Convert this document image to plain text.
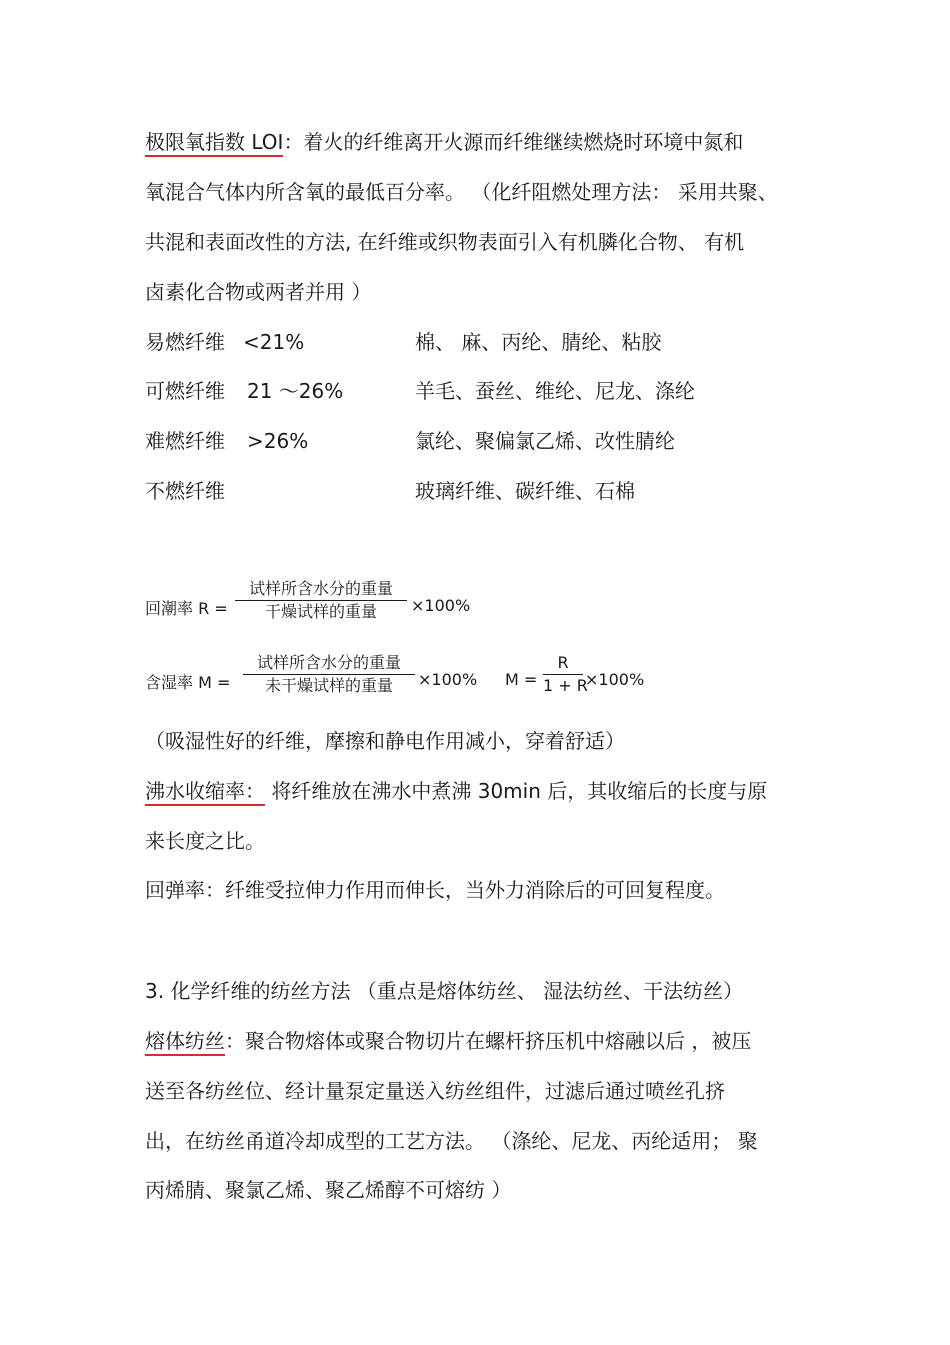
极限氧指数 LOI：着火的纤维离开火源而纤维继续燃烧时环境中氮和
氧混合气体内所含氧的最低百分率。 （化纤阻燃处理方法： 采用共聚、
共混和表面改性的方法, 在纤维或织物表面引入有机膦化合物、 有机
卤素化合物或两者并用 ）
易燃纤维 <21%	棉、 麻、丙纶、腈纶、粘胶
可燃纤维 21 ～26%	羊毛、蚕丝、维纶、尼龙、涤纶
难燃纤维 >26%	氯纶、聚偏氯乙烯、改性腈纶
不燃纤维	玻璃纤维、碳纤维、石棉
回潮率 R =
试样所含水分的重量
干燥试样的重量	×100%
含湿率 M =
试样所含水分的重量
未干燥试样的重量	×100% M =
R
1 + R
×100%
（吸湿性好的纤维，摩擦和静电作用减小，穿着舒适）
沸水收缩率： 将纤维放在沸水中煮沸 30min 后，其收缩后的长度与原
来长度之比。
回弹率：纤维受拉伸力作用而伸长，当外力消除后的可回复程度。
3. 化学纤维的纺丝方法 （重点是熔体纺丝、 湿法纺丝、干法纺丝）
熔体纺丝：聚合物熔体或聚合物切片在螺杆挤压机中熔融以后 ，被压
送至各纺丝位、经计量泵定量送入纺丝组件，过滤后通过喷丝孔挤
出，在纺丝甬道冷却成型的工艺方法。 （涤纶、尼龙、丙纶适用； 聚
丙烯腈、聚氯乙烯、聚乙烯醇不可熔纺 ）
